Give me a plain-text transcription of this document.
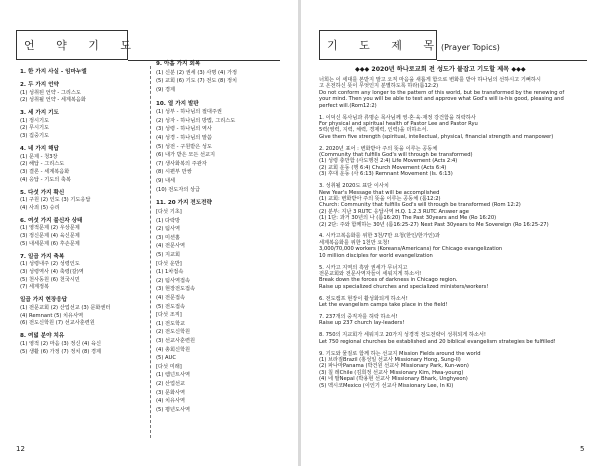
언 약 기 도
1. 한 가지 사실 - 임마누엘
2. 두 가지 언약
(1) 성취된 언약 - 그리스도
(2) 성취될 언약 - 세계복음화
3. 세 가지 기도
(1) 정시기도
(2) 무시기도
(3) 집중기도
4. 네 가지 해답
(1) 문제 - 청3장
(2) 해답 - 그리스도
(3) 결론 - 세계복음화
(4) 응답 - 기도의 축복
5. 다섯 가지 확신
(1) 구원 (2) 인도 (3) 기도응답
(4) 사죄 (5) 승리
6. 여섯 가지 불신자 상태
(1) 영적문제 (2) 우상문제
(3) 정신문제 (4) 육신문제
(5) 내세문제 (6) 후손문제
7. 일곱 가지 축복
(1) 성령내주 (2) 성령인도
(3) 성령역사 (4) 축령(갈)역
(5) 천사동원 (6) 천국시민
(7) 세계정복
일곱 가지 현장응답
(1) 전문교회 (2) 산업선교 (3) 문화센터
(4) Remnant (5) 치유사역
(6) 전도신학원 (7) 선교사훈련원
8. 여덟 분야 치유
(1) 영적 (2) 마음 (3) 정신 (4) 육신
(5) 생활 (6) 가정 (7) 정치 (8) 경제
9. 아홉 가지 회복
(1) 신분 (2) 권세 (3) 사명 (4) 가정
(5) 교회 (6) 기도 (7) 전도 (8) 정치
(9) 경제
10. 열 가지 발판
(1) 성부 - 하나님의 절대주권
(2) 성자 - 하나님의 방법, 그리스도
(3) 성령 - 하나님의 역사
(4) 성경 - 하나님의 말씀
(5) 성전 - 구원받은 성도
(6) 내가 받은 모든 선교지
(7) 생사화복의 주관자
(8) 시편부 만쌍
(9) 내세
(10) 전도자의 상급
11. 20 가지 전도전략
[다섯 기초]
(1) 다락방
(2) 팀사역
(3) 미션홈
(4) 전문사역
(5) 지교회
[다섯 운반]
(1) 1차접속
(2) 팀사역접속
(3) 현장전도접속
(4) 전문접속
(5) 전도접속
[다섯 조직]
(1) 전도학교
(2) 전도신학원
(3) 선교사훈련원
(4) 총회신학원
(5) AUC
[다섯 미래]
(1) 렘넌트사역
(2) 산업선교
(3) 문화사역
(4) 치유사역
(5) 평년도사역
12
기 도 제 목
(Prayer Topics)
◆◆◆ 2020년 하나로교회 전 성도가 붙잡고 기도할 제목 ◆◆◆
너희는 이 세대를 본받지 말고 오직 마음을 새롭게 함으로 변화를 받아 하나님의 선하시고 기뻐하시
고 온전하신 뜻이 무엇인지 분별하도록 하라(롬12:2)
Do not conform any longer to the pattern of this world, but be transformed by the renewing of
your mind. Then you will be able to test and approve what God's will is-his good, pleasing and
perfect will.(Rom12:2)
1. 이덕신 목사님과 류명순 목사님께 영·혼·육·재정 강건함을 허락하사
For physical and spiritual health of Pastor Lee and Pastor Ryu
5력(영력, 지력, 체력, 경제력, 인력)을 더하소서.
Give them five strength (spiritual, intellectual, physical, financial strength and manpower)
2. 2020년 표어 : 변화받아 주의 뜻을 이루는 공동체
(Community that fulfills God's will through be transformed)
(1) 성령 충만함 (사도행전 2:4) Life Movement (Acts 2:4)
(2) 교회 운동 (행 6:4) Church Movement (Acts 6:4)
(3) 후대 운동 (사 6:13) Remnant Movement (Is. 6:13)
3. 성취될 2020도 표단 이사치
New Year's Message that will be accomplished
(1) 교회: 변화받아 주의 뜻을 이루는 공동체 (롬12:2)
Church: Community that fulfills God's will through be transformed (Rom 12:2)
(2) 분부: 지난 3 RUTC 응답사역 H.Q. 1.2.3 RUTC Answer age
(1) 1단: 과거 30년의 나 (롬16:20) The Past 30years and Me (Ro 16:20)
(2) 2단: 주와 함께하는 30년 (롬16:25-27) Next Past 30years to Me Sovereign (Ro 16:25-27)
4. 시카고복음화를 위한 3천/7만 요청(한인/한가인)과
세계복음화를 위한 1천만 요청!
3,000/70,000 workers (Koreans/Americans) for Chicago evangelization
10 million disciples for world evangelization
5. 시카고 지역의 흑암 권세가 무너지고
전문교회와 전문사역자들이 세워지게 하소서!
Break down the forces of darkness in Chicago region.
Raise up specialized churches and specialized ministers/workers!
6. 전도캠프 현장이 활성화되게 하소서!
Let the evangelism camps take place in the field!
7. 237개의 중직자를 허락 하소서!
Raise up 237 church lay-leaders!
8. 750의 지교회가 세워지고 20가지 성경적 전도전략이 성취되게 하소서!
Let 750 regional churches be established and 20 biblical evangelism strategies be fulfilled!
9. 기도와 물질로 함께 하는 선교지 Mission Fields around the world
(1) 브라질Brazil (홍성일 선교사 Missionary Hong, Sung-Il)
(2) 파나마Panama (박건원 선교사 Missionary Park, Kun-won)
(3) 칠 레Chile (김희정 선교사 Missionary Kim, Hwa-young)
(4) 네 팔Nepal (박용현 선교사 Missionary Bhark, Unghyeon)
(5) 멕시코Mexico (이인기 선교사 Missionary Lee, In Ki)
5
